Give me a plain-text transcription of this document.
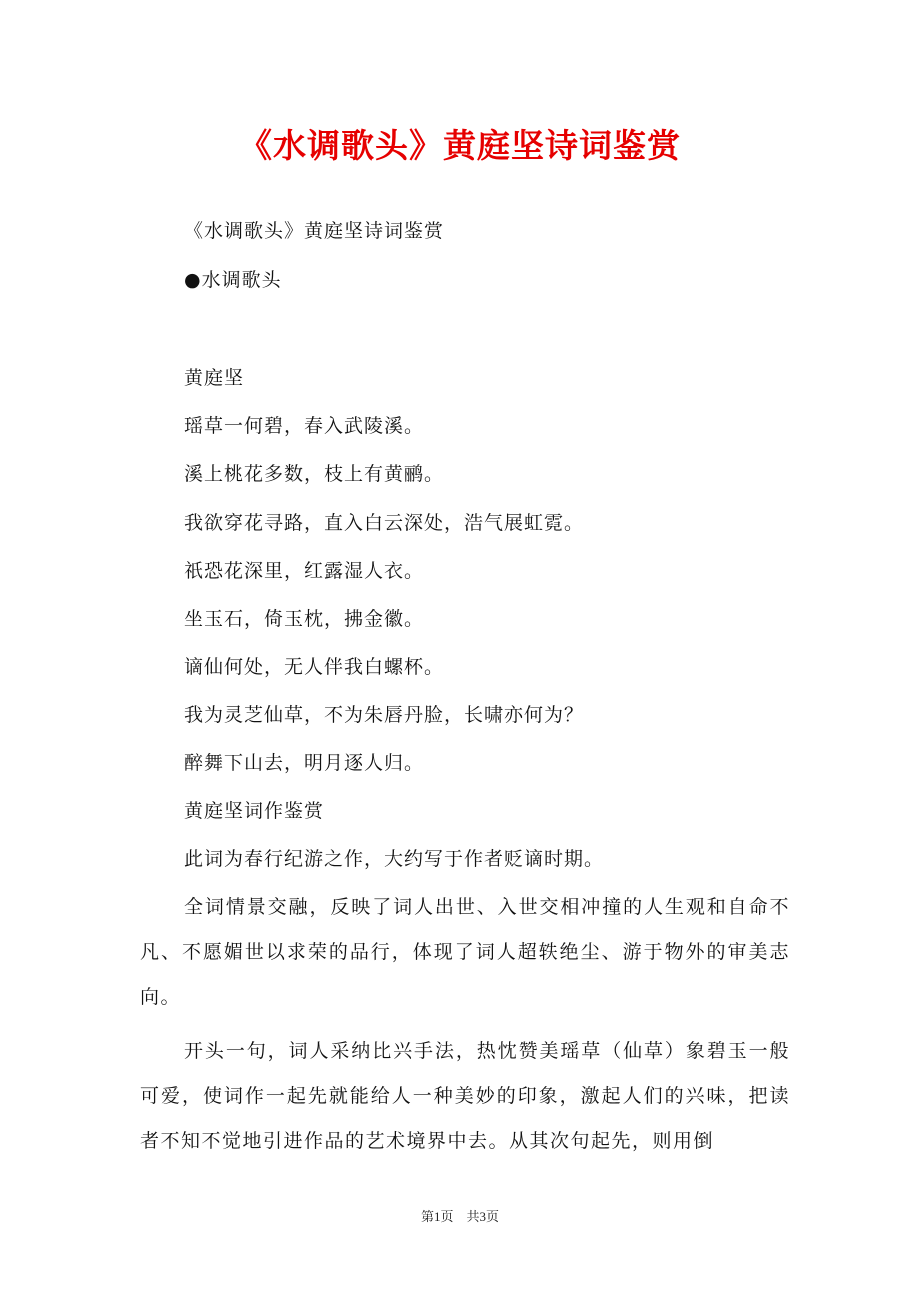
《水调歌头》黄庭坚诗词鉴赏
《水调歌头》黄庭坚诗词鉴赏
●水调歌头
黄庭坚
瑶草一何碧，春入武陵溪。
溪上桃花多数，枝上有黄鹂。
我欲穿花寻路，直入白云深处，浩气展虹霓。
祇恐花深里，红露湿人衣。
坐玉石，倚玉枕，拂金徽。
谪仙何处，无人伴我白螺杯。
我为灵芝仙草，不为朱唇丹脸，长啸亦何为？
醉舞下山去，明月逐人归。
黄庭坚词作鉴赏
此词为春行纪游之作，大约写于作者贬谪时期。
全词情景交融，反映了词人出世、入世交相冲撞的人生观和自命不凡、不愿媚世以求荣的品行，体现了词人超轶绝尘、游于物外的审美志向。
开头一句，词人采纳比兴手法，热忱赞美瑶草（仙草）象碧玉一般可爱，使词作一起先就能给人一种美妙的印象，激起人们的兴味，把读者不知不觉地引进作品的艺术境界中去。从其次句起先，则用倒
第1页　共3页
